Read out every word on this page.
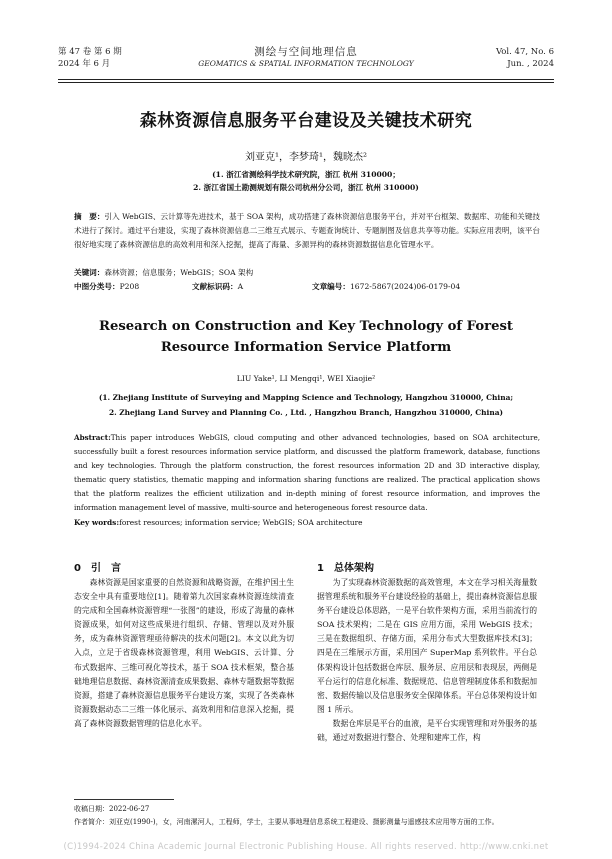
第 47 卷 第 6 期
2024 年 6 月
测绘与空间地理信息
GEOMATICS & SPATIAL INFORMATION TECHNOLOGY
Vol. 47, No. 6
Jun. , 2024
森林资源信息服务平台建设及关键技术研究
刘亚克¹，李梦琦¹，魏晓杰²
(1. 浙江省测绘科学技术研究院，浙江 杭州 310000；
2. 浙江省国土勘测规划有限公司杭州分公司，浙江 杭州 310000)
摘　要：引入 WebGIS、云计算等先进技术，基于 SOA 架构，成功搭建了森林资源信息服务平台，并对平台框架、数据库、功能和关键技术进行了探讨。通过平台建设，实现了森林资源信息二三维互式展示、专题查询统计、专题制图及信息共享等功能。实际应用表明，该平台很好地实现了森林资源信息的高效利用和深入挖掘，提高了海量、多源异构的森林资源数据信息化管理水平。
关键词：森林资源；信息服务；WebGIS；SOA 架构
中图分类号：P208	文献标识码：A	文章编号：1672-5867(2024)06-0179-04
Research on Construction and Key Technology of Forest
Resource Information Service Platform
LIU Yake¹, LI Mengqi¹, WEI Xiaojie²
(1. Zhejiang Institute of Surveying and Mapping Science and Technology, Hangzhou 310000, China;
2. Zhejiang Land Survey and Planning Co. , Ltd. , Hangzhou Branch, Hangzhou 310000, China)
Abstract:This paper introduces WebGIS, cloud computing and other advanced technologies, based on SOA architecture, successfully built a forest resources information service platform, and discussed the platform framework, database, functions and key technologies. Through the platform construction, the forest resources information 2D and 3D interactive display, thematic query statistics, thematic mapping and information sharing functions are realized. The practical application shows that the platform realizes the efficient utilization and in-depth mining of forest resource information, and improves the information management level of massive, multi-source and heterogeneous forest resource data.
Key words:forest resources; information service; WebGIS; SOA architecture
0　引　言

森林资源是国家重要的自然资源和战略资源，在维护国土生态安全中具有重要地位[1]。随着第九次国家森林资源连续清查的完成和全国森林资源管理“一张图”的建设，形成了海量的森林资源成果，如何对这些成果进行组织、存储、管理以及对外服务，成为森林资源管理亟待解决的技术问题[2]。本文以此为切入点，立足于省级森林资源管理，利用 WebGIS、云计算、分布式数据库、三维可视化等技术，基于 SOA 技术框架，整合基础地理信息数据、森林资源清查成果数据、森林专题数据等数据资源，搭建了森林资源信息服务平台建设方案，实现了各类森林资源数据动态二三维一体化展示、高效利用和信息深入挖掘，提高了森林资源数据管理的信息化水平。

1　总体架构

为了实现森林资源数据的高效管理，本文在学习相关海量数据管理系统和服务平台建设经验的基础上，提出森林资源信息服务平台建设总体思路，一是平台软件架构方面，采用当前流行的 SOA 技术架构；二是在 GIS 应用方面，采用 WebGIS 技术；三是在数据组织、存储方面，采用分布式大型数据库技术[3]；四是在三维展示方面，采用国产 SuperMap 系列软件。平台总体架构设计包括数据仓库层、服务层、应用层和表现层，两侧是平台运行的信息化标准、数据规范、信息管理制度体系和数据加密、数据传输以及信息服务安全保障体系。平台总体架构设计如图 1 所示。

数据仓库层是平台的血液，是平台实现管理和对外服务的基础，通过对数据进行整合、处理和建库工作，构

收稿日期：2022-06-27
作者简介：刘亚克(1990-)，女，河南漯河人，工程师，学士，主要从事地理信息系统工程建设、摄影测量与遥感技术应用等方面的工作。
(C)1994-2024 China Academic Journal Electronic Publishing House. All rights reserved. http://www.cnki.net
